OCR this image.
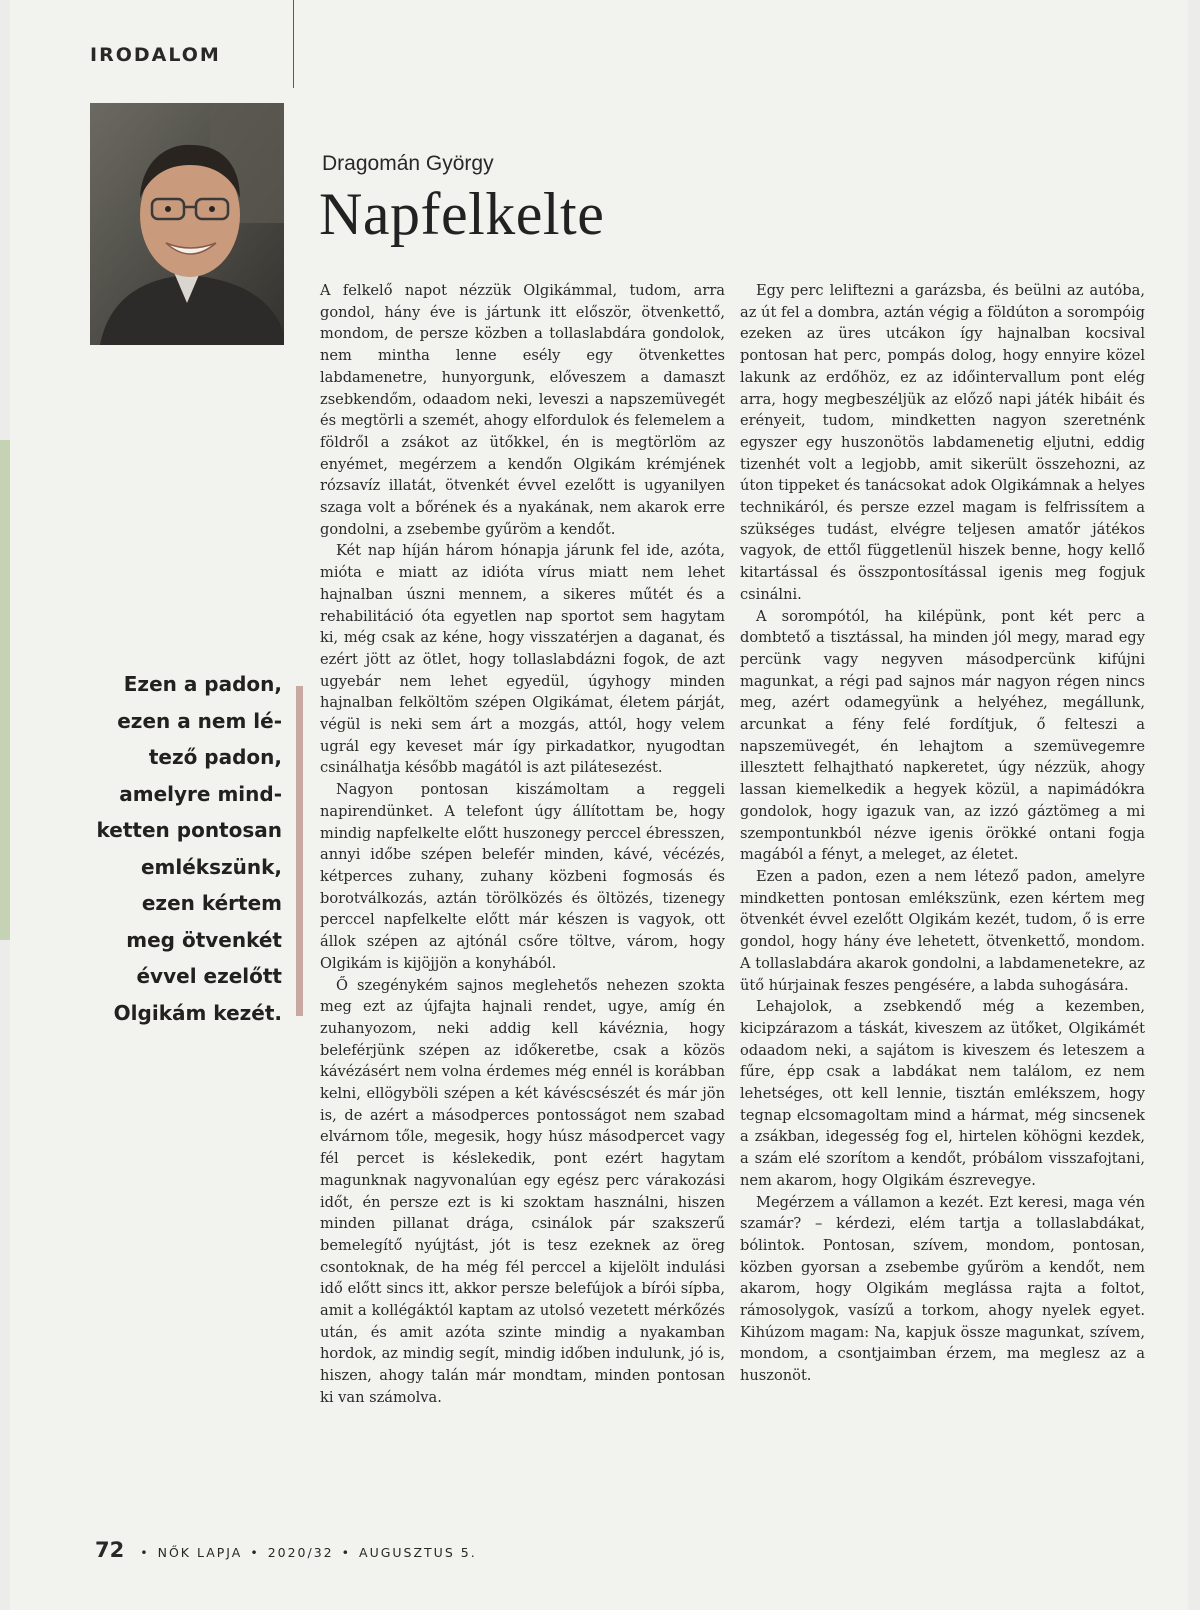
IRODALOM
Dragomán György
Napfelkelte
Ezen a padon, ezen a nem lé-tező padon, amelyre mind-ketten pontosan emlékszünk, ezen kértem meg ötvenkét évvel ezelőtt Olgikám kezét.

A felkelő napot nézzük Olgikámmal, tudom, arra gondol, hány éve is jártunk itt először, ötvenkettő, mondom, de persze közben a tollaslabdára gondolok, nem mintha lenne esély egy ötvenkettes labdamenetre, hunyorgunk, előveszem a damaszt zsebkendőm, odaadom neki, leveszi a napszemüvegét és megtörli a szemét, ahogy elfordulok és felemelem a földről a zsákot az ütőkkel, én is megtörlöm az enyémet, megérzem a kendőn Olgikám krémjének rózsavíz illatát, ötvenkét évvel ezelőtt is ugyanilyen szaga volt a bőrének és a nyakának, nem akarok erre gondolni, a zsebembe gyűröm a kendőt.

Két nap híján három hónapja járunk fel ide, azóta, mióta e miatt az idióta vírus miatt nem lehet hajnalban úszni mennem, a sikeres műtét és a rehabilitáció óta egyetlen nap sportot sem hagytam ki, még csak az kéne, hogy visszatérjen a daganat, és ezért jött az ötlet, hogy tollaslabdázni fogok, de azt ugyebár nem lehet egyedül, úgyhogy minden hajnalban felköltöm szépen Olgikámat, életem párját, végül is neki sem árt a mozgás, attól, hogy velem ugrál egy keveset már így pirkadatkor, nyugodtan csinálhatja később magától is azt pilátesezést.

Nagyon pontosan kiszámoltam a reggeli napirendünket. A telefont úgy állítottam be, hogy mindig napfelkelte előtt huszonegy perccel ébresszen, annyi időbe szépen belefér minden, kávé, vécézés, kétperces zuhany, zuhany közbeni fogmosás és borotválkozás, aztán törölközés és öltözés, tizenegy perccel napfelkelte előtt már készen is vagyok, ott állok szépen az ajtónál csőre töltve, várom, hogy Olgikám is kijöjjön a konyhából.

Ő szegénykém sajnos meglehetős nehezen szokta meg ezt az újfajta hajnali rendet, ugye, amíg én zuhanyozom, neki addig kell kávéznia, hogy beleférjünk szépen az időkeretbe, csak a közös kávézásért nem volna érdemes még ennél is korábban kelni, ellögyböli szépen a két kávéscsészét és már jön is, de azért a másodperces pontosságot nem szabad elvárnom tőle, megesik, hogy húsz másodpercet vagy fél percet is késlekedik, pont ezért hagytam magunknak nagyvonalúan egy egész perc várakozási időt, én persze ezt is ki szoktam használni, hiszen minden pillanat drága, csinálok pár szakszerű bemelegítő nyújtást, jót is tesz ezeknek az öreg csontoknak, de ha még fél perccel a kijelölt indulási idő előtt sincs itt, akkor persze belefújok a bírói sípba, amit a kollégáktól kaptam az utolsó vezetett mérkőzés után, és amit azóta szinte mindig a nyakamban hordok, az mindig segít, mindig időben indulunk, jó is, hiszen, ahogy talán már mondtam, minden pontosan ki van számolva.

Egy perc leliftezni a garázsba, és beülni az autóba, az út fel a dombra, aztán végig a földúton a sorompóig ezeken az üres utcákon így hajnalban kocsival pontosan hat perc, pompás dolog, hogy ennyire közel lakunk az erdőhöz, ez az időintervallum pont elég arra, hogy megbeszéljük az előző napi játék hibáit és erényeit, tudom, mindketten nagyon szeretnénk egyszer egy huszonötös labdamenetig eljutni, eddig tizenhét volt a legjobb, amit sikerült összehozni, az úton tippeket és tanácsokat adok Olgikámnak a helyes technikáról, és persze ezzel magam is felfrissítem a szükséges tudást, elvégre teljesen amatőr játékos vagyok, de ettől függetlenül hiszek benne, hogy kellő kitartással és összpontosítással igenis meg fogjuk csinálni.

A sorompótól, ha kilépünk, pont két perc a dombtető a tisztással, ha minden jól megy, marad egy percünk vagy negyven másodpercünk kifújni magunkat, a régi pad sajnos már nagyon régen nincs meg, azért odamegyünk a helyéhez, megállunk, arcunkat a fény felé fordítjuk, ő felteszi a napszemüvegét, én lehajtom a szemüvegemre illesztett felhajtható napkeretet, úgy nézzük, ahogy lassan kiemelkedik a hegyek közül, a napimádókra gondolok, hogy igazuk van, az izzó gáztömeg a mi szempontunkból nézve igenis örökké ontani fogja magából a fényt, a meleget, az életet.

Ezen a padon, ezen a nem létező padon, amelyre mindketten pontosan emlékszünk, ezen kértem meg ötvenkét évvel ezelőtt Olgikám kezét, tudom, ő is erre gondol, hogy hány éve lehetett, ötvenkettő, mondom. A tollaslabdára akarok gondolni, a labdamenetekre, az ütő húrjainak feszes pengésére, a labda suhogására.

Lehajolok, a zsebkendő még a kezemben, kicipzárazom a táskát, kiveszem az ütőket, Olgikámét odaadom neki, a sajátom is kiveszem és leteszem a fűre, épp csak a labdákat nem találom, ez nem lehetséges, ott kell lennie, tisztán emlékszem, hogy tegnap elcsomagoltam mind a hármat, még sincsenek a zsákban, idegesség fog el, hirtelen köhögni kezdek, a szám elé szorítom a kendőt, próbálom visszafojtani, nem akarom, hogy Olgikám észrevegye.

Megérzem a vállamon a kezét. Ezt keresi, maga vén szamár? – kérdezi, elém tartja a tollaslabdákat, bólintok. Pontosan, szívem, mondom, pontosan, közben gyorsan a zsebembe gyűröm a kendőt, nem akarom, hogy Olgikám meglássa rajta a foltot, rámosolygok, vasízű a torkom, ahogy nyelek egyet. Kihúzom magam: Na, kapjuk össze magunkat, szívem, mondom, a csontjaimban érzem, ma meglesz az a huszonöt.

72 • NŐK LAPJA • 2020/32 • AUGUSZTUS 5.
